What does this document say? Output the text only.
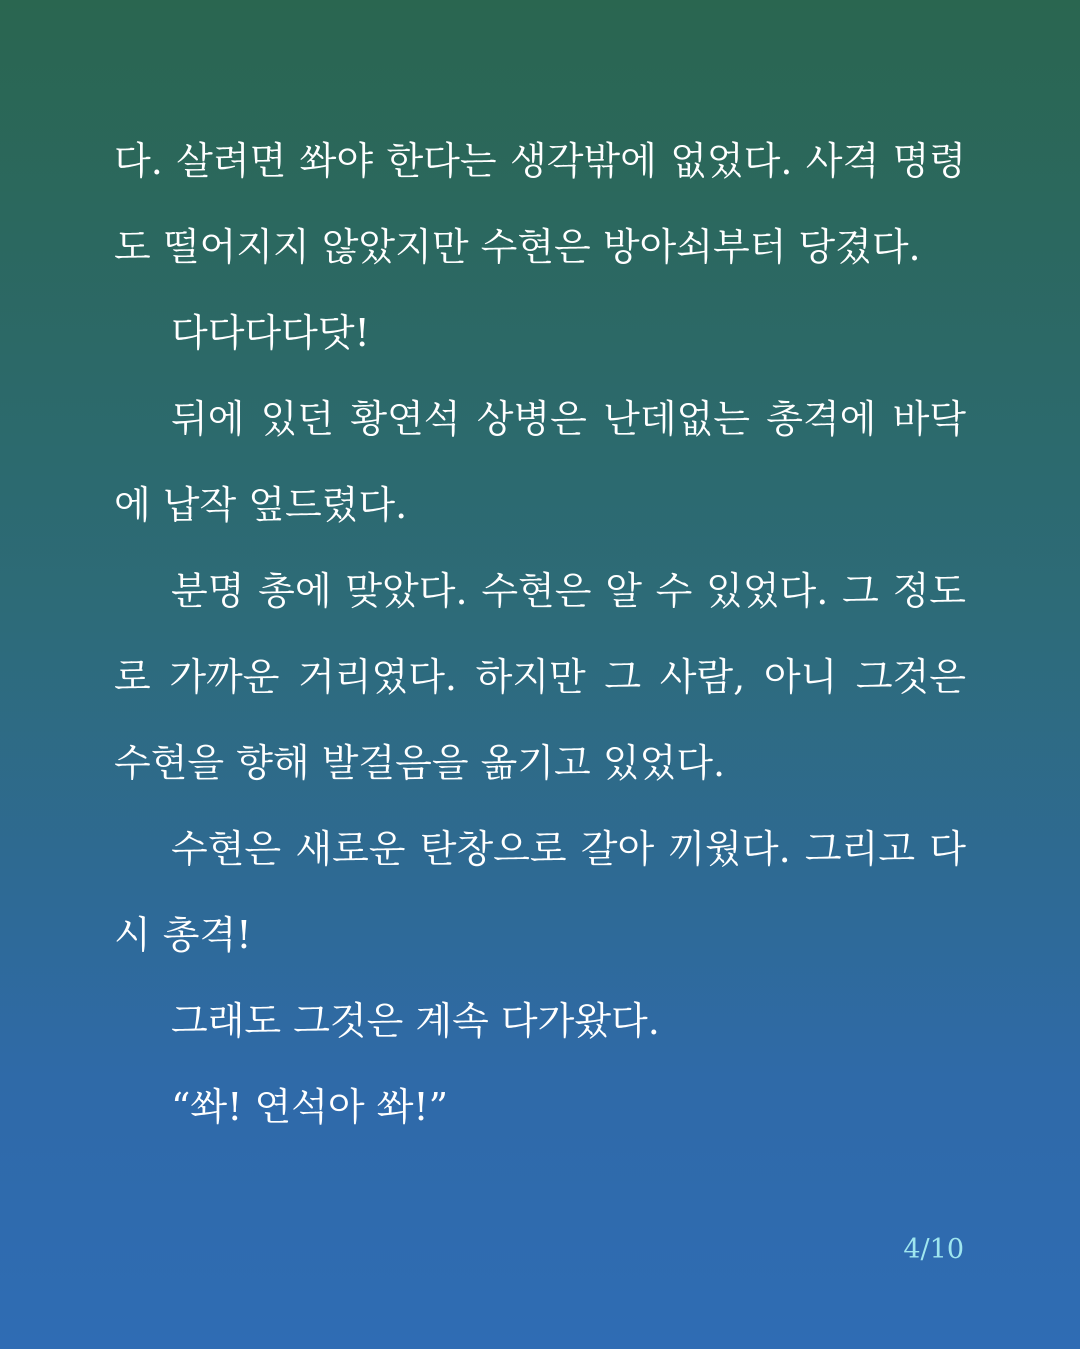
다. 살려면 쏴야 한다는 생각밖에 없었다. 사격 명령
도 떨어지지 않았지만 수현은 방아쇠부터 당겼다.
다다다다닷!
뒤에 있던 황연석 상병은 난데없는 총격에 바닥
에 납작 엎드렸다.
분명 총에 맞았다. 수현은 알 수 있었다. 그 정도
로 가까운 거리였다. 하지만 그 사람, 아니 그것은
수현을 향해 발걸음을 옮기고 있었다.
수현은 새로운 탄창으로 갈아 끼웠다. 그리고 다
시 총격!
그래도 그것은 계속 다가왔다.
“쏴! 연석아 쏴!”
4/10
